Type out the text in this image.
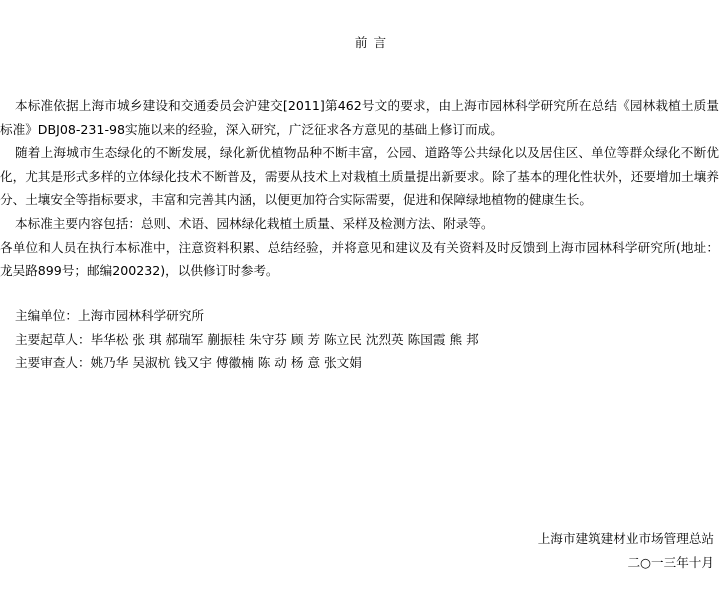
前 言

本标准依据上海市城乡建设和交通委员会沪建交[2011]第462号文的要求，由上海市园林科学研究所在总结《园林栽植土质量标准》DBJ08-231-98实施以来的经验，深入研究，广泛征求各方意见的基础上修订而成。

随着上海城市生态绿化的不断发展，绿化新优植物品种不断丰富，公园、道路等公共绿化以及居住区、单位等群众绿化不断优化，尤其是形式多样的立体绿化技术不断普及，需要从技术上对栽植土质量提出新要求。除了基本的理化性状外，还要增加土壤养分、土壤安全等指标要求，丰富和完善其内涵，以便更加符合实际需要，促进和保障绿地植物的健康生长。

本标准主要内容包括：总则、术语、园林绿化栽植土质量、采样及检测方法、附录等。

各单位和人员在执行本标准中，注意资料积累、总结经验，并将意见和建议及有关资料及时反馈到上海市园林科学研究所(地址：龙吴路899号；邮编200232)，以供修订时参考。

主编单位：上海市园林科学研究所
主要起草人：毕华松 张 琪 郝瑞军 蒯振桂 朱守芬 顾 芳 陈立民 沈烈英 陈国霞 熊 邦
主要审查人：姚乃华 吴淑杭 钱又宇 傅徽楠 陈 动 杨 意 张文娟
上海市建筑建材业市场管理总站
二○一三年十月
